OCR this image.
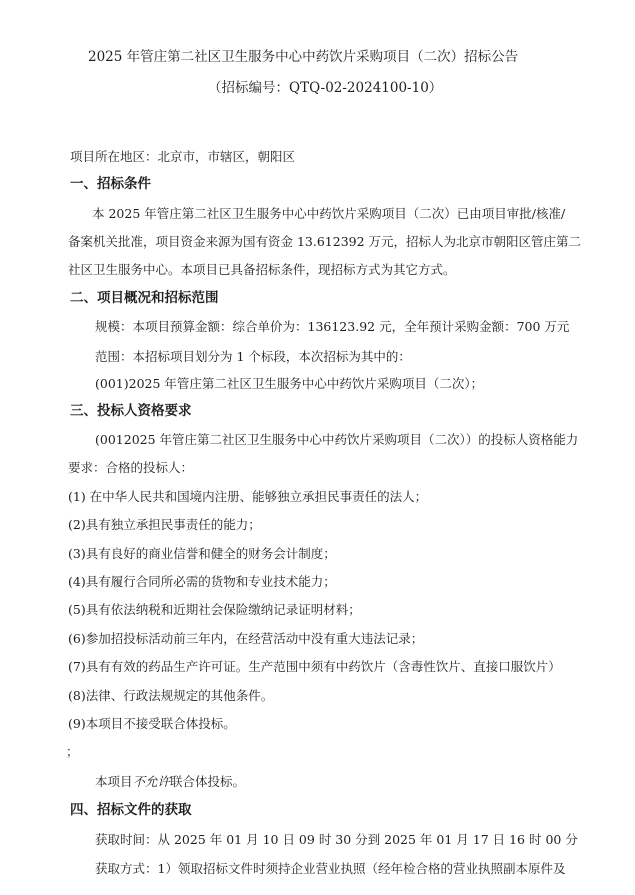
2025 年管庄第二社区卫生服务中心中药饮片采购项目（二次）招标公告
（招标编号：QTQ-02-2024100-10）
项目所在地区：北京市，市辖区，朝阳区
一、招标条件
本 2025 年管庄第二社区卫生服务中心中药饮片采购项目（二次）已由项目审批/核准/
备案机关批准，项目资金来源为国有资金 13.612392 万元，招标人为北京市朝阳区管庄第二
社区卫生服务中心。本项目已具备招标条件，现招标方式为其它方式。
二、项目概况和招标范围
规模：本项目预算金额：综合单价为：136123.92 元，全年预计采购金额：700 万元
范围：本招标项目划分为 1 个标段，本次招标为其中的：
(001)2025 年管庄第二社区卫生服务中心中药饮片采购项目（二次）；
三、投标人资格要求
(0012025 年管庄第二社区卫生服务中心中药饮片采购项目（二次））的投标人资格能力
要求：合格的投标人：
(1) 在中华人民共和国境内注册、能够独立承担民事责任的法人；
(2)具有独立承担民事责任的能力；
(3)具有良好的商业信誉和健全的财务会计制度；
(4)具有履行合同所必需的货物和专业技术能力；
(5)具有依法纳税和近期社会保险缴纳记录证明材料；
(6)参加招投标活动前三年内，在经营活动中没有重大违法记录；
(7)具有有效的药品生产许可证。生产范围中须有中药饮片（含毒性饮片、直接口服饮片）
(8)法律、行政法规规定的其他条件。
(9)本项目不接受联合体投标。
；
本项目不允许联合体投标。
四、招标文件的获取
获取时间：从 2025 年 01 月 10 日 09 时 30 分到 2025 年 01 月 17 日 16 时 00 分
获取方式：1）领取招标文件时须持企业营业执照（经年检合格的营业执照副本原件及
